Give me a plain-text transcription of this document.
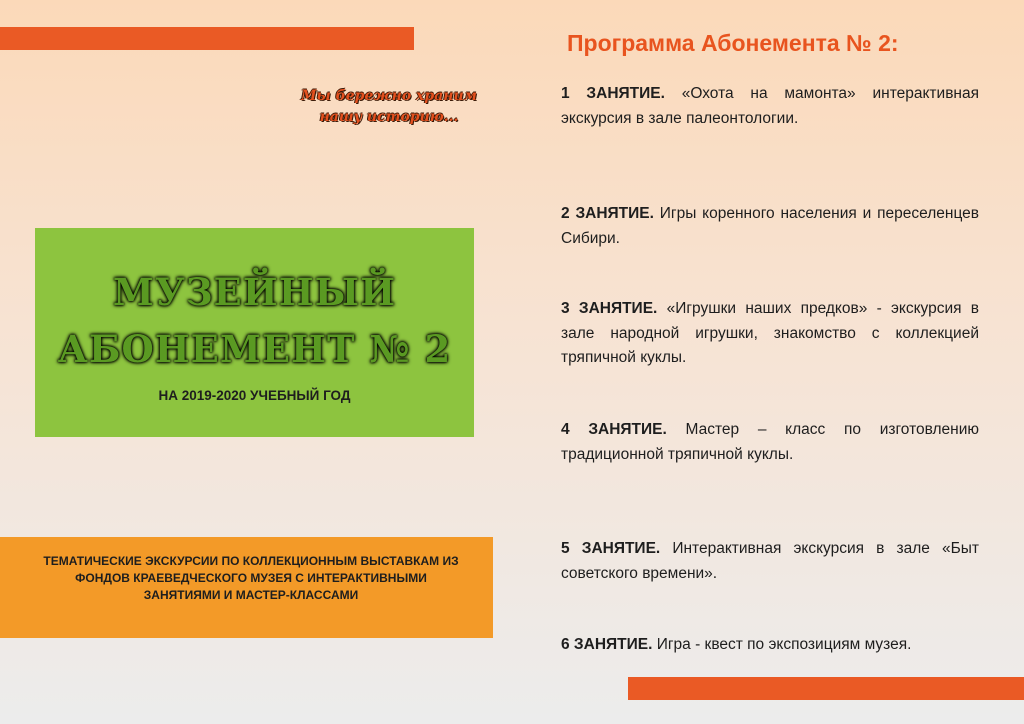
Мы бережно храним
нашу историю...
МУЗЕЙНЫЙ
АБОНЕМЕНТ № 2
НА 2019-2020 УЧЕБНЫЙ ГОД
ТЕМАТИЧЕСКИЕ ЭКСКУРСИИ ПО КОЛЛЕКЦИОННЫМ ВЫСТАВКАМ ИЗ ФОНДОВ КРАЕВЕДЧЕСКОГО МУЗЕЯ С ИНТЕРАКТИВНЫМИ ЗАНЯТИЯМИ И МАСТЕР-КЛАССАМИ
Программа Абонемента № 2:
1 ЗАНЯТИЕ. «Охота на мамонта» интерактивная экскурсия в зале палеонтологии.
2 ЗАНЯТИЕ. Игры коренного населения и переселенцев Сибири.
3 ЗАНЯТИЕ. «Игрушки наших предков» - экскурсия в зале народной игрушки, знакомство с коллекцией тряпичной куклы.
4 ЗАНЯТИЕ. Мастер – класс по изготовлению традиционной тряпичной куклы.
5 ЗАНЯТИЕ. Интерактивная экскурсия в зале «Быт советского времени».
6 ЗАНЯТИЕ. Игра - квест по экспозициям музея.
